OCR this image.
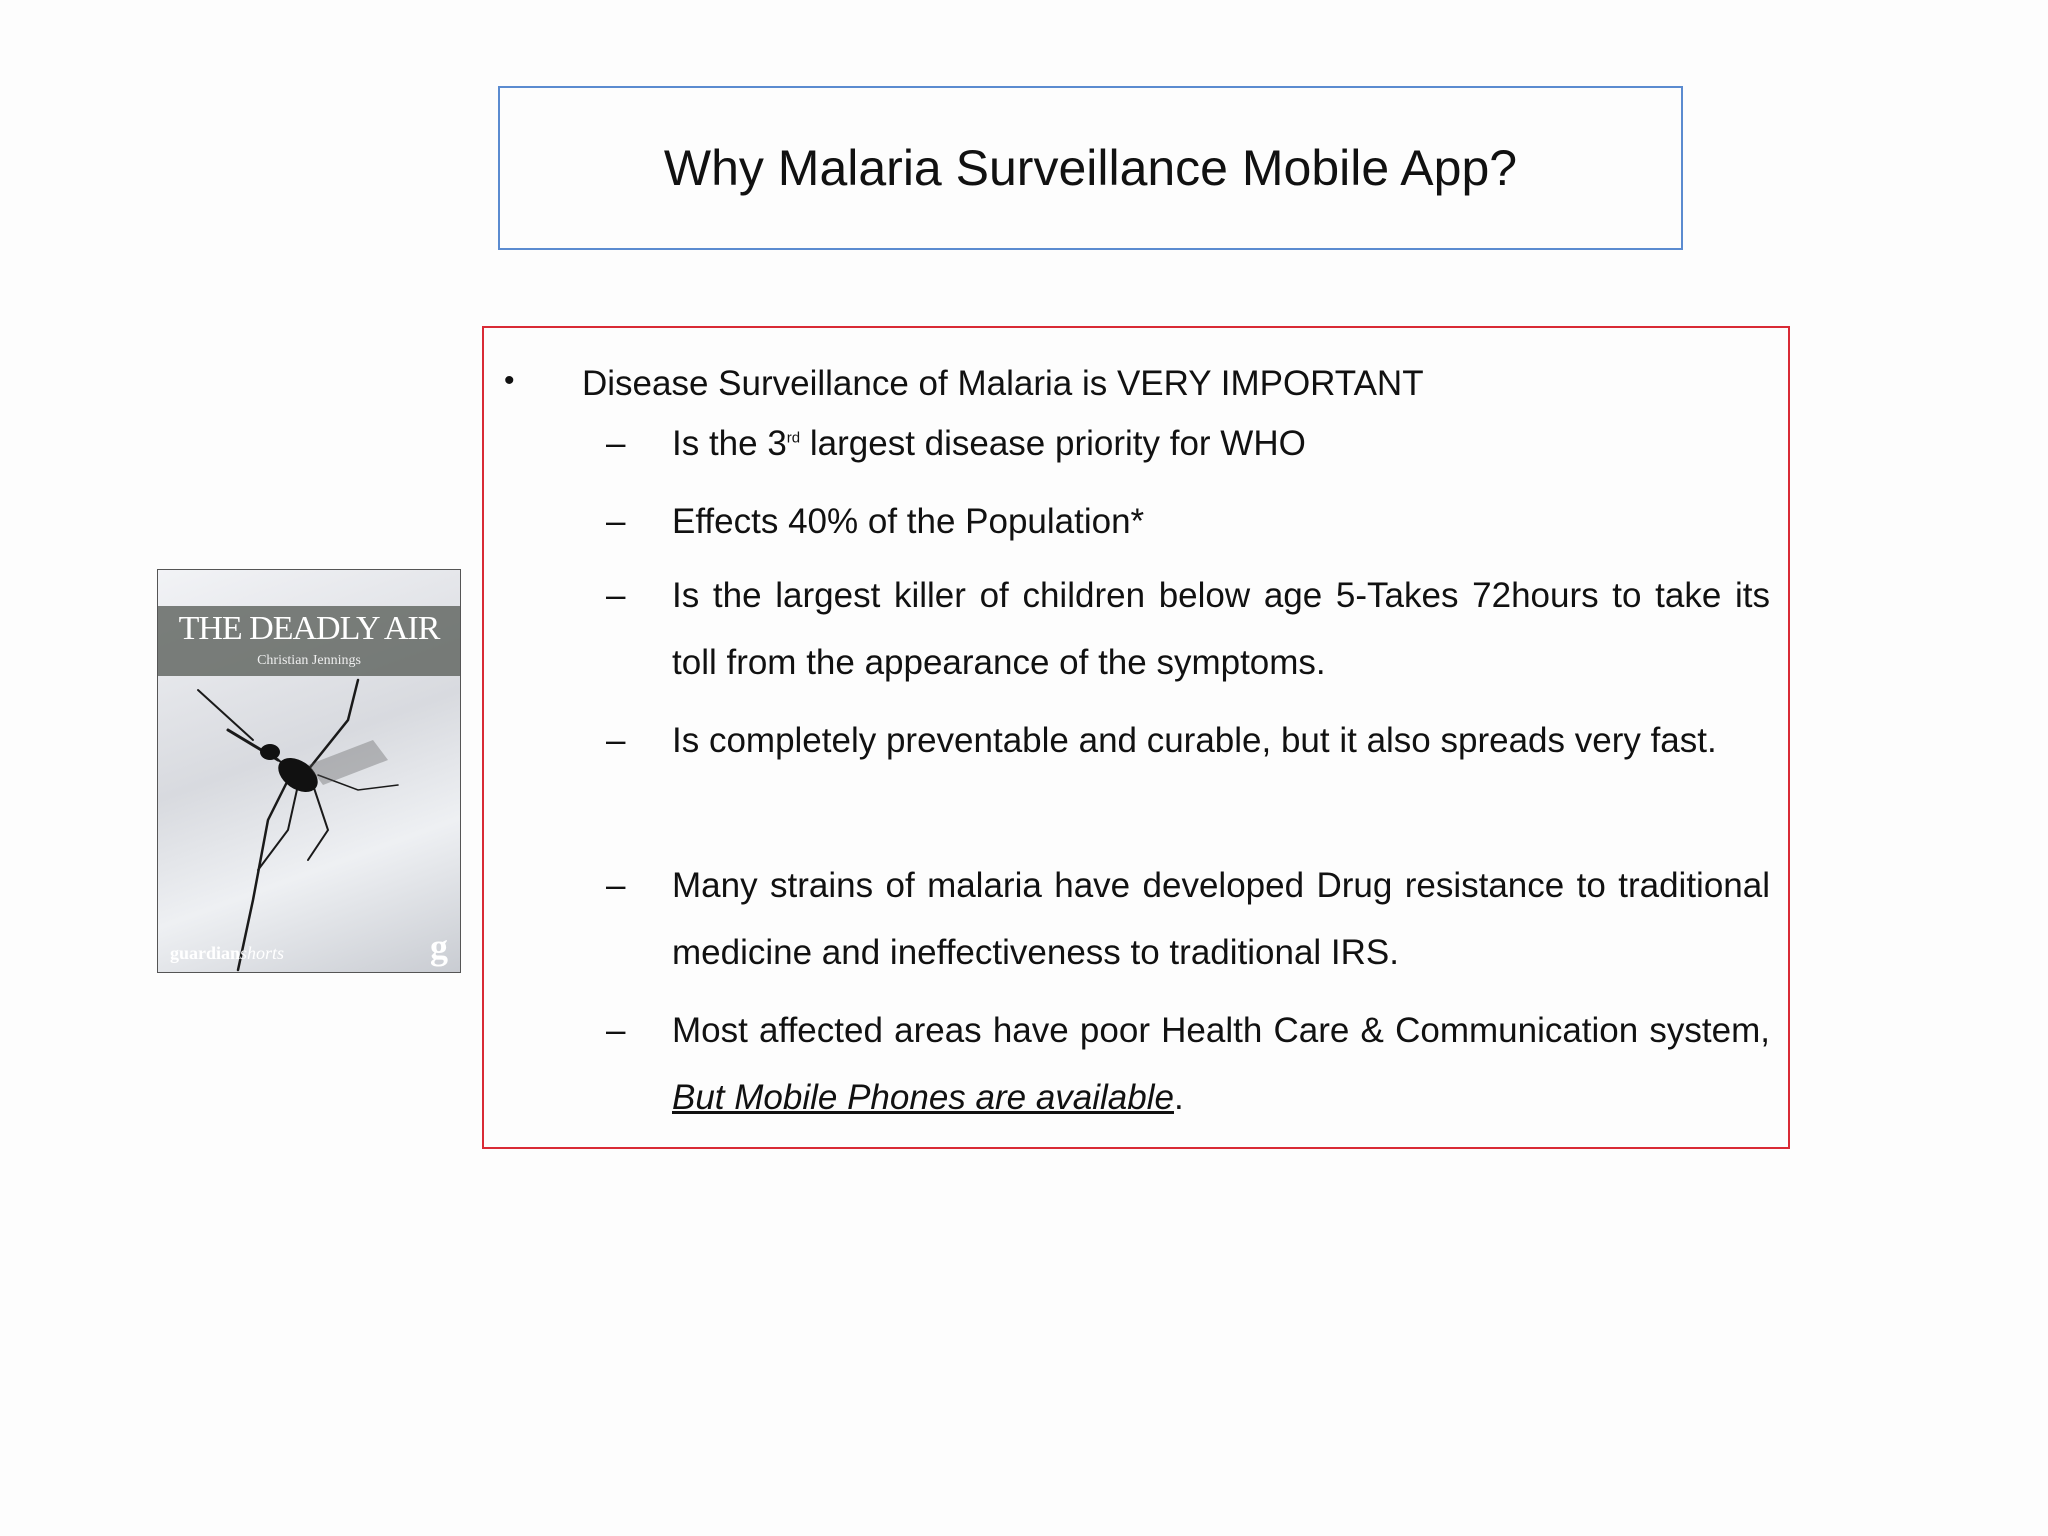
Why Malaria Surveillance Mobile App?
THE DEADLY AIR
Christian Jennings
guardianshorts	g
• Disease Surveillance of Malaria is VERY IMPORTANT
– Is the 3rd largest disease priority for WHO
– Effects 40% of the Population*
– Is the largest killer of children below age 5-Takes 72hours to take its toll from the appearance of the symptoms.
– Is completely preventable and curable, but it also spreads very fast.
– Many strains of malaria have developed Drug resistance to traditional medicine and ineffectiveness to traditional IRS.
– Most affected areas have poor Health Care & Communication system, But Mobile Phones are available.
